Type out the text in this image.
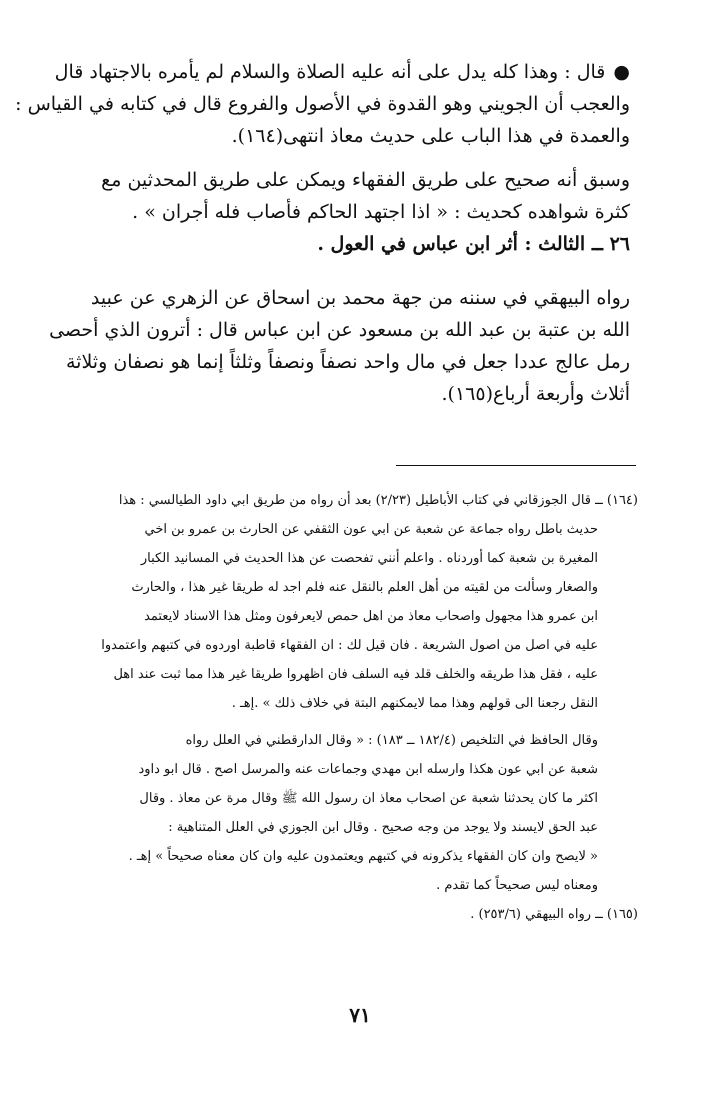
●قال : وهذا كله يدل على أنه عليه الصلاة والسلام لم يأمره بالاجتهاد قال
والعجب أن الجويني وهو القدوة في الأصول والفروع قال في كتابه في القياس :
والعمدة في هذا الباب على حديث معاذ انتهى(١٦٤).
وسبق أنه صحيح على طريق الفقهاء ويمكن على طريق المحدثين مع
كثرة شواهده كحديث : « اذا اجتهد الحاكم فأصاب فله أجران » .
٢٦ ــ الثالث : أثر ابن عباس في العول .
رواه البيهقي في سننه من جهة محمد بن اسحاق عن الزهري عن عبيد
الله بن عتبة بن عبد الله بن مسعود عن ابن عباس قال : أترون الذي أحصى
رمل عالج عددا جعل في مال واحد نصفاً ونصفاً وثلثاً إنما هو نصفان وثلاثة
أثلاث وأربعة أرباع(١٦٥).
(١٦٤) ــ قال الجوزقاني في كتاب الأباطيل (٢/٢٣) بعد أن رواه من طريق ابي داود الطيالسي : هذا
حديث باطل رواه جماعة عن شعبة عن ابي عون الثقفي عن الحارث بن عمرو بن اخي
المغيرة بن شعبة كما أوردناه . واعلم أنني تفحصت عن هذا الحديث في المسانيد الكبار
والصغار وسألت من لقيته من أهل العلم بالنقل عنه فلم اجد له طريقا غير هذا ، والحارث
ابن عمرو هذا مجهول واصحاب معاذ من اهل حمص لايعرفون ومثل هذا الاسناد لايعتمد
عليه في اصل من اصول الشريعة . فان قيل لك : ان الفقهاء قاطبة اوردوه في كتبهم واعتمدوا
عليه ، فقل هذا طريقه والخلف قلد فيه السلف فان اظهروا طريقا غير هذا مما ثبت عند اهل
النقل رجعنا الى قولهم وهذا مما لايمكنهم البتة في خلاف ذلك » .إهـ .
وقال الحافظ في التلخيص (١٨٢/٤ ــ ١٨٣) : « وقال الدارقطني في العلل رواه
شعبة عن ابي عون هكذا وارسله ابن مهدي وجماعات عنه والمرسل اصح . قال ابو داود
اكثر ما كان يحدثنا شعبة عن اصحاب معاذ ان رسول الله ﷺ وقال مرة عن معاذ . وقال
عبد الحق لايسند ولا يوجد من وجه صحيح . وقال ابن الجوزي في العلل المتناهية :
« لايصح وان كان الفقهاء يذكرونه في كتبهم ويعتمدون عليه وان كان معناه صحيحاً » إهـ .
ومعناه ليس صحيحاً كما تقدم .
(١٦٥) ــ رواه البيهقي (٢٥٣/٦) .
٧١
